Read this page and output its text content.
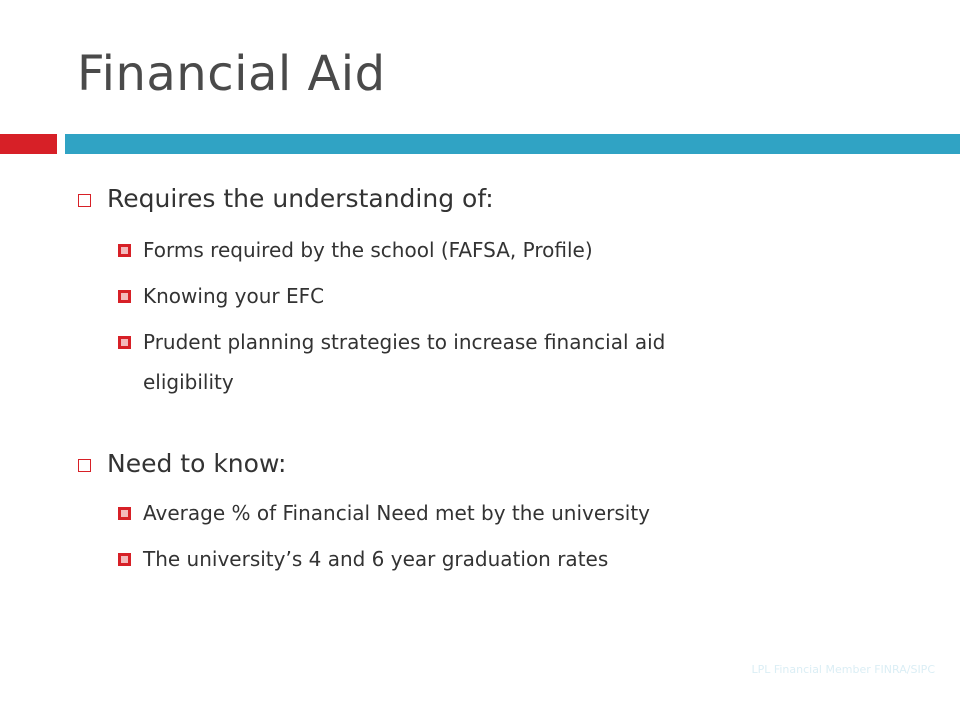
Financial Aid
Requires the understanding of:
Forms required by the school (FAFSA, Profile)
Knowing your EFC
Prudent planning strategies to increase financial aid
eligibility
Need to know:
Average % of Financial Need met by the university
The university’s 4 and 6 year graduation rates
LPL Financial Member FINRA/SIPC
